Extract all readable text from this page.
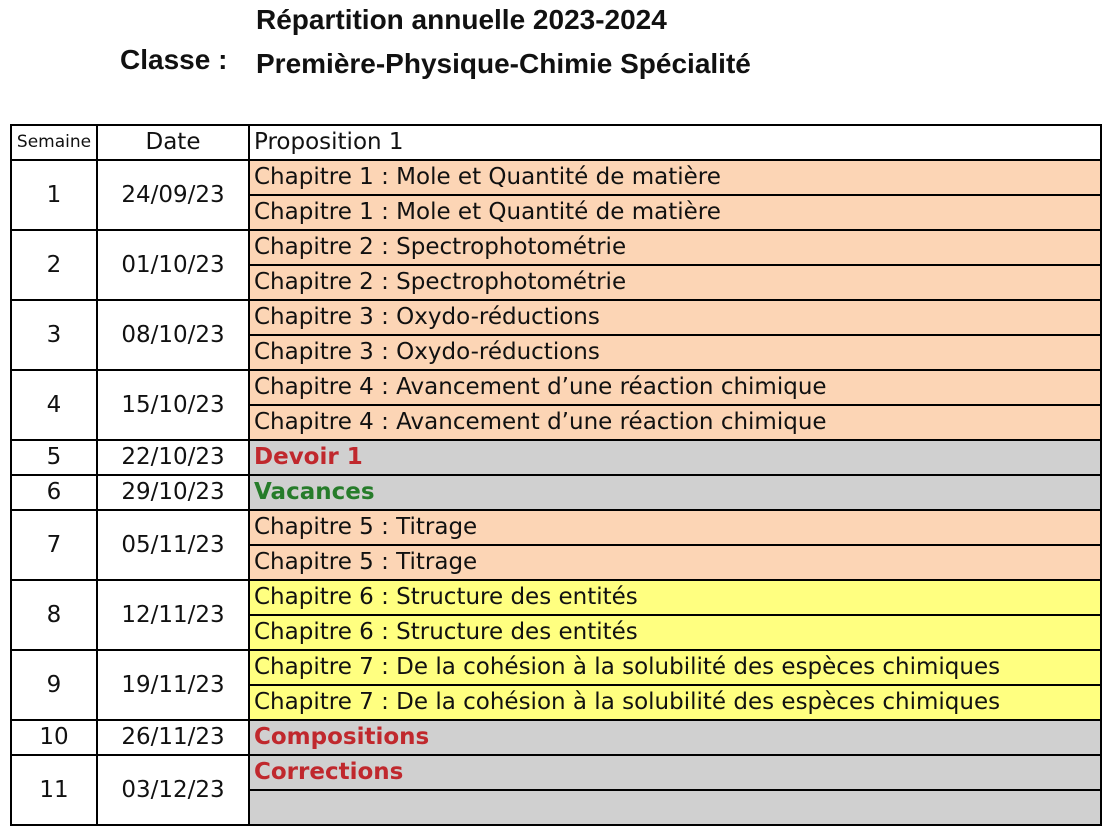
Répartition annuelle 2023-2024
Classe : Première-Physique-Chimie Spécialité
Semaine	Date	Proposition 1
1	24/09/23	Chapitre 1 : Mole et Quantité de matière
		Chapitre 1 : Mole et Quantité de matière
2	01/10/23	Chapitre 2 : Spectrophotométrie
		Chapitre 2 : Spectrophotométrie
3	08/10/23	Chapitre 3 : Oxydo-réductions
		Chapitre 3 : Oxydo-réductions
4	15/10/23	Chapitre 4 : Avancement d’une réaction chimique
		Chapitre 4 : Avancement d’une réaction chimique
5	22/10/23	Devoir 1
6	29/10/23	Vacances
7	05/11/23	Chapitre 5 : Titrage
		Chapitre 5 : Titrage
8	12/11/23	Chapitre 6 : Structure des entités
		Chapitre 6 : Structure des entités
9	19/11/23	Chapitre 7 : De la cohésion à la solubilité des espèces chimiques
		Chapitre 7 : De la cohésion à la solubilité des espèces chimiques
10	26/11/23	Compositions
11	03/12/23	Corrections
